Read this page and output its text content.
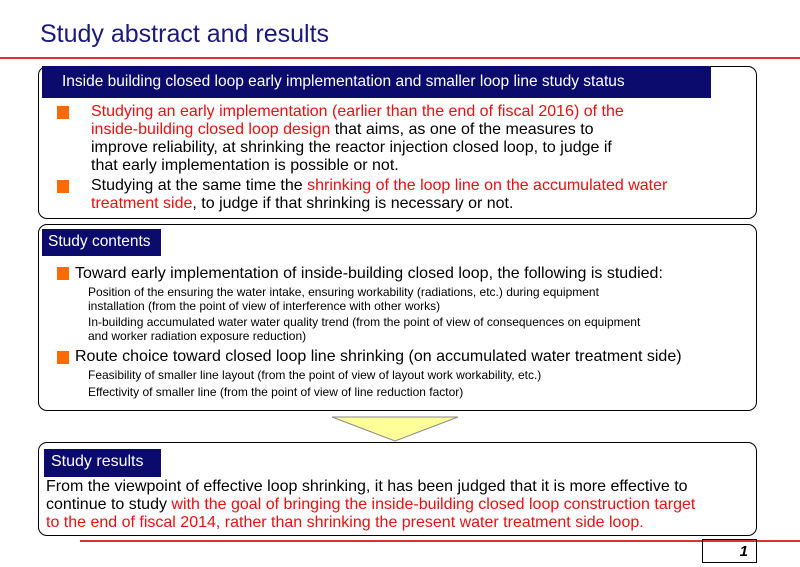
Study abstract and results
Inside building closed loop early implementation and smaller loop line study status
Studying an early implementation (earlier than the end of fiscal 2016) of the
inside-building closed loop design that aims, as one of the measures to
improve reliability, at shrinking the reactor injection closed loop, to judge if
that early implementation is possible or not.
Studying at the same time the shrinking of the loop line on the accumulated water
treatment side, to judge if that shrinking is necessary or not.
Study contents
Toward early implementation of inside-building closed loop, the following is studied:
Position of the ensuring the water intake, ensuring workability (radiations, etc.) during equipment
installation (from the point of view of interference with other works)
In-building accumulated water water quality trend (from the point of view of consequences on equipment
and worker radiation exposure reduction)
Route choice toward closed loop line shrinking (on accumulated water treatment side)
Feasibility of smaller line layout (from the point of view of layout work workability, etc.)
Effectivity of smaller line (from the point of view of line reduction factor)
Study results
From the viewpoint of effective loop shrinking, it has been judged that it is more effective to
continue to study with the goal of bringing the inside-building closed loop construction target
to the end of fiscal 2014, rather than shrinking the present water treatment side loop.
1
